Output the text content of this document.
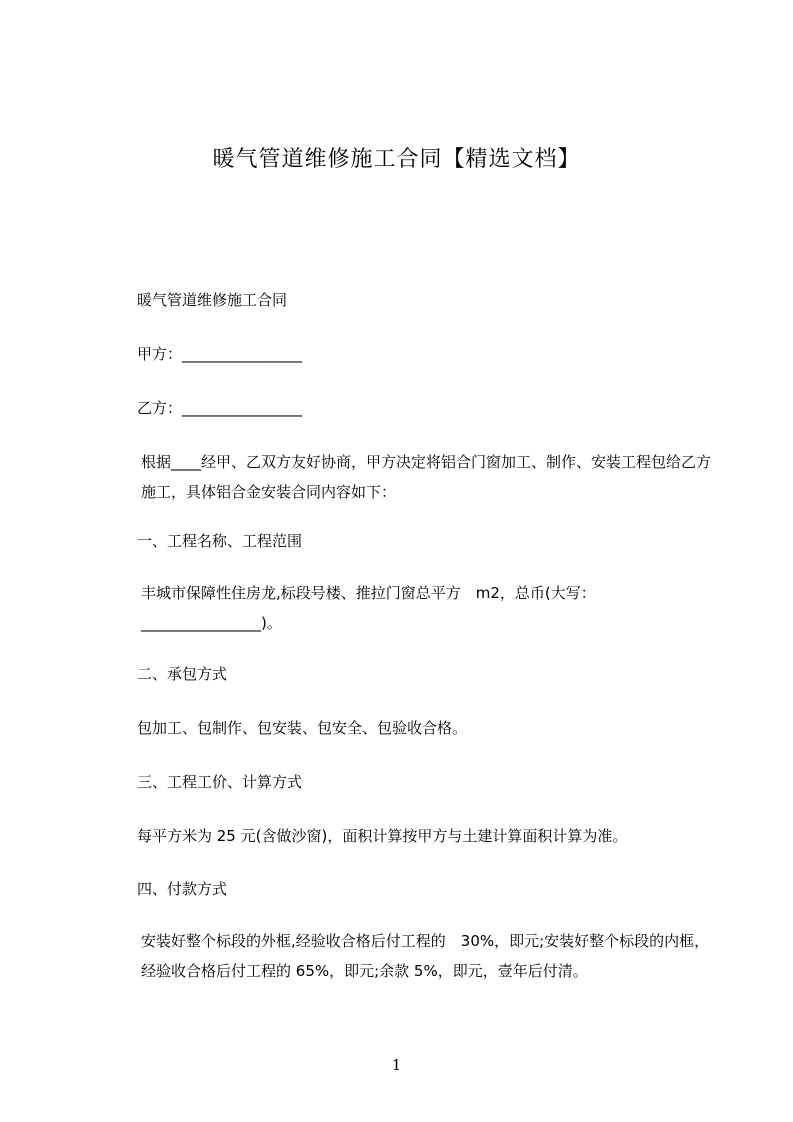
暖气管道维修施工合同【精选文档】
暖气管道维修施工合同
甲方：________________
乙方：________________
根据____经甲、乙双方友好协商，甲方决定将铝合门窗加工、制作、安装工程包给乙方施工，具体铝合金安装合同内容如下：
一、工程名称、工程范围
丰城市保障性住房龙,标段号楼、推拉门窗总平方　m2，总币(大写：________________)。
二、承包方式
包加工、包制作、包安装、包安全、包验收合格。
三、工程工价、计算方式
每平方米为 25 元(含做沙窗)，面积计算按甲方与土建计算面积计算为准。
四、付款方式
安装好整个标段的外框,经验收合格后付工程的　30%，即元;安装好整个标段的内框，经验收合格后付工程的 65%，即元;余款 5%，即元，壹年后付清。
1
